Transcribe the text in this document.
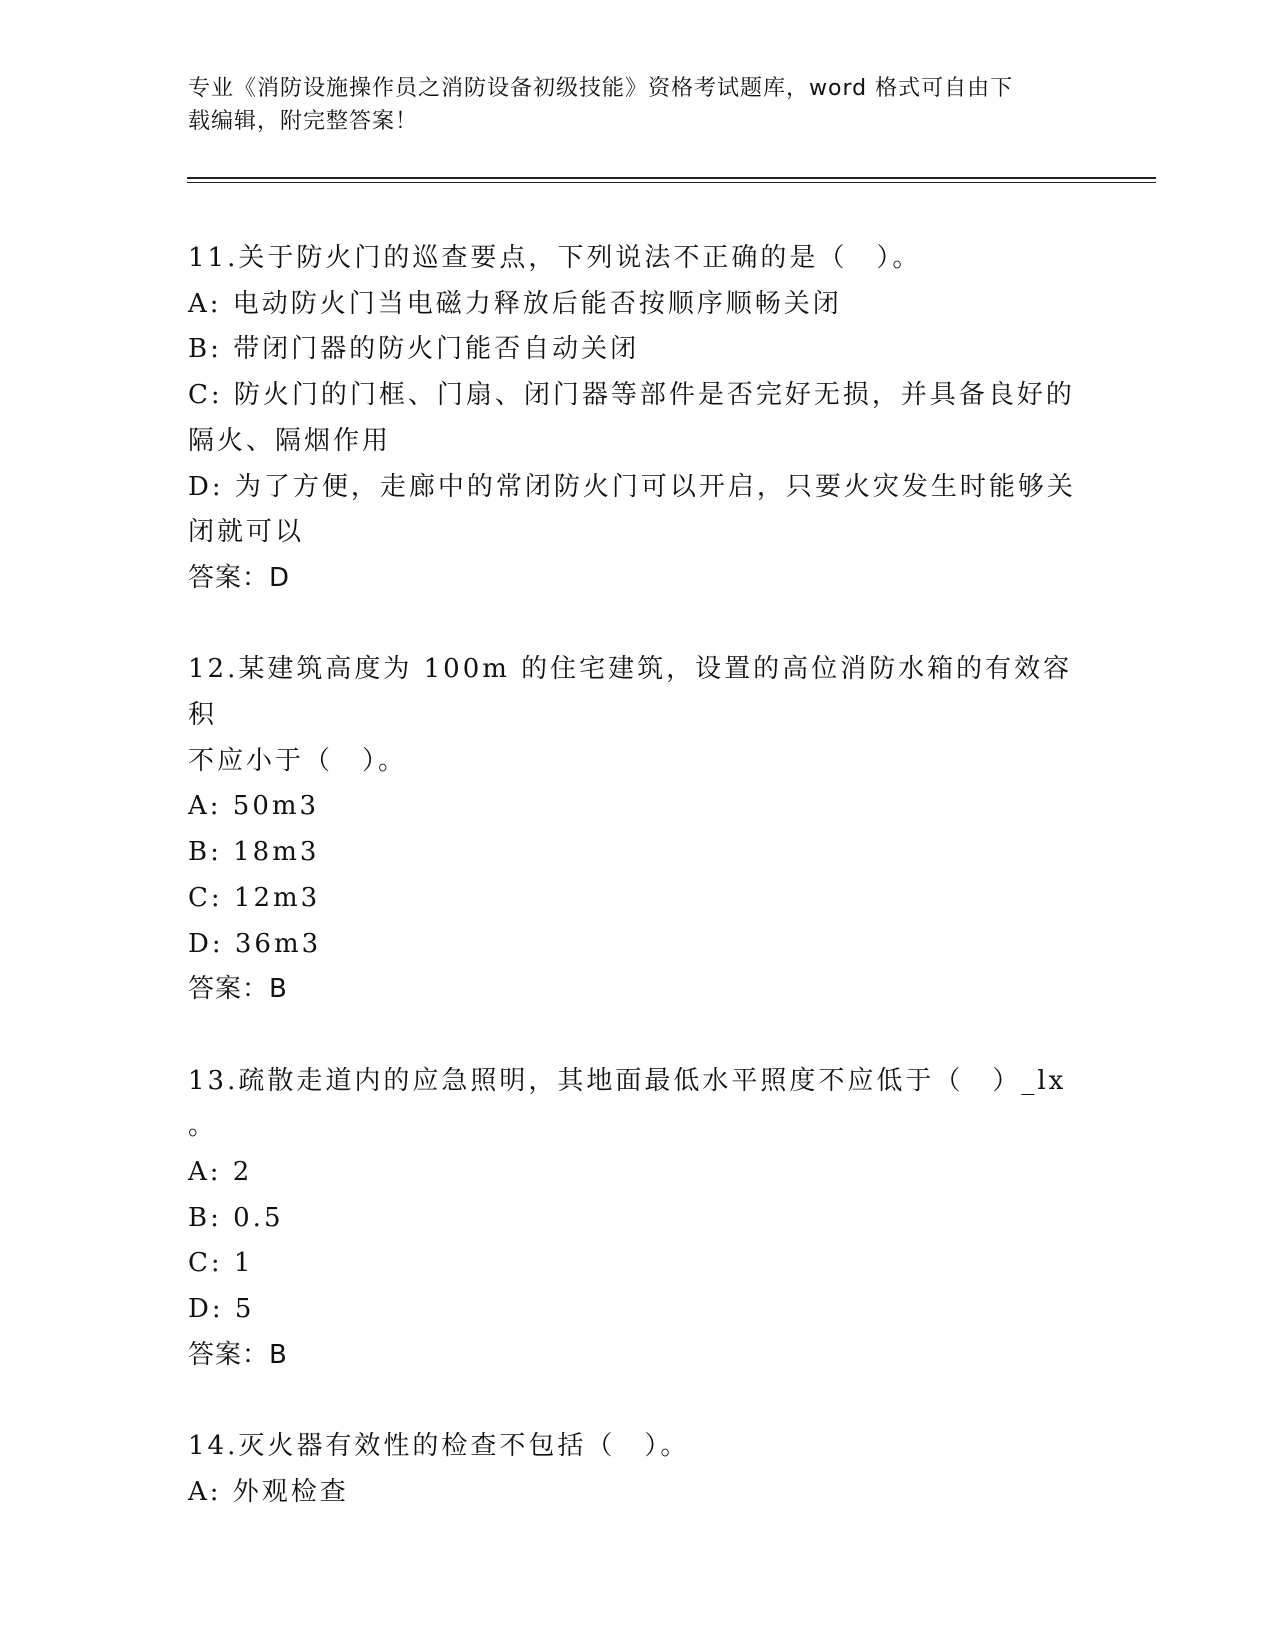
专业《消防设施操作员之消防设备初级技能》资格考试题库，word 格式可自由下
载编辑，附完整答案！
11.关于防火门的巡查要点，下列说法不正确的是（　）。
A: 电动防火门当电磁力释放后能否按顺序顺畅关闭
B: 带闭门器的防火门能否自动关闭
C: 防火门的门框、门扇、闭门器等部件是否完好无损，并具备良好的
隔火、隔烟作用
D: 为了方便，走廊中的常闭防火门可以开启，只要火灾发生时能够关
闭就可以
答案：D
12.某建筑高度为 100m 的住宅建筑，设置的高位消防水箱的有效容积
不应小于（　）。
A: 50m3
B: 18m3
C: 12m3
D: 36m3
答案：B
13.疏散走道内的应急照明，其地面最低水平照度不应低于（　）_lx
。
A: 2
B: 0.5
C: 1
D: 5
答案：B
14.灭火器有效性的检查不包括（　）。
A: 外观检查
